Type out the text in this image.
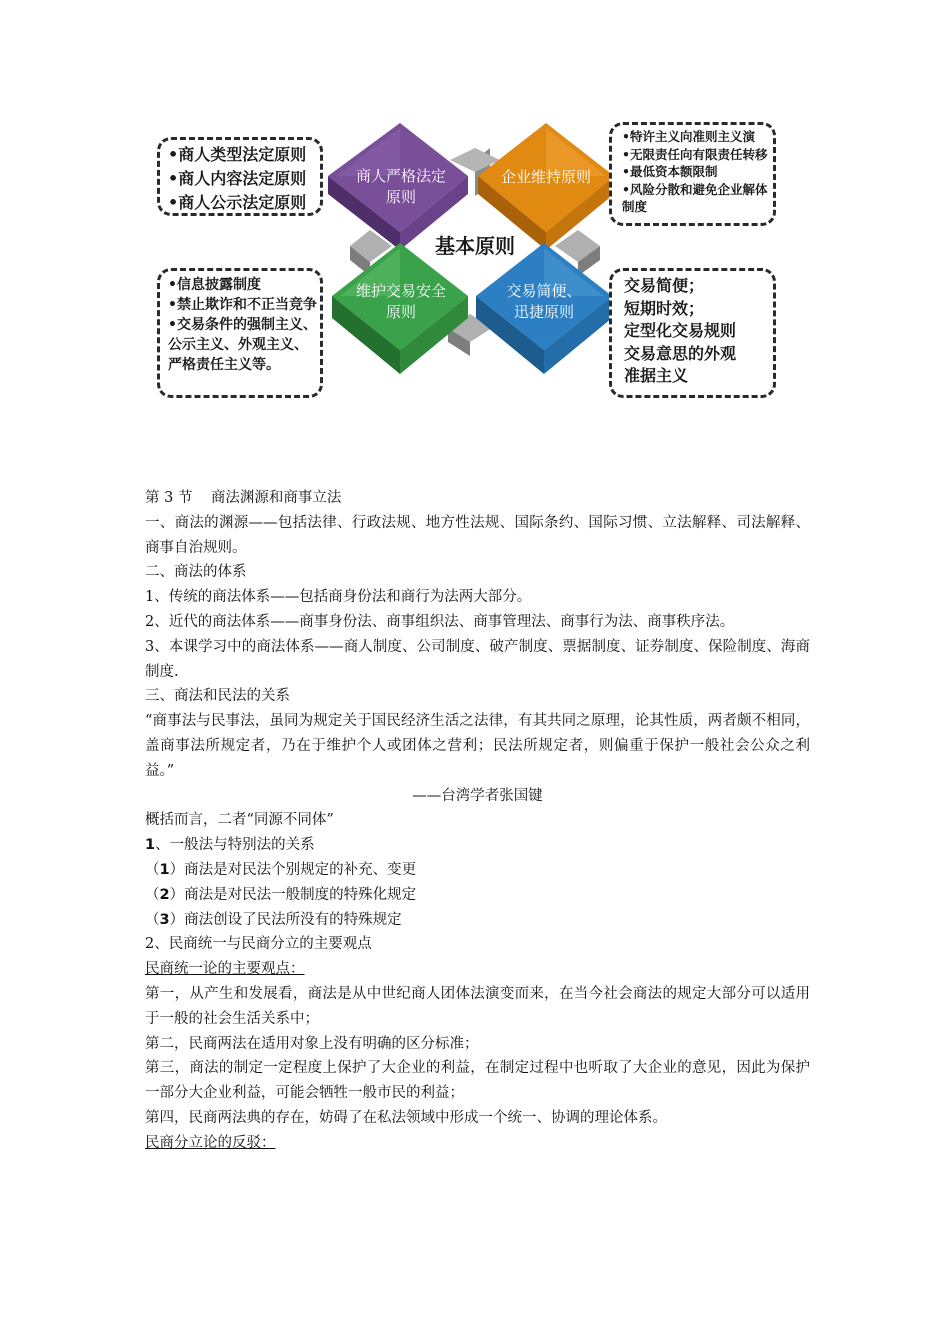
基本原则
商人严格法定
原则
企业维持原则
维护交易安全
原则
交易简便、
迅捷原则
•商人类型法定原则
•商人内容法定原则
•商人公示法定原则
•特许主义向准则主义演
•无限责任向有限责任转移
•最低资本额限制
•风险分散和避免企业解体
制度
•信息披露制度
•禁止欺诈和不正当竞争
•交易条件的强制主义、
公示主义、外观主义、
严格责任主义等。
交易简便；
短期时效；
定型化交易规则
交易意思的外观
准据主义

第 3 节    商法渊源和商事立法

一、商法的渊源——包括法律、行政法规、地方性法规、国际条约、国际习惯、立法解释、司法解释、商事自治规则。

二、商法的体系

1、传统的商法体系——包括商身份法和商行为法两大部分。

2、近代的商法体系——商事身份法、商事组织法、商事管理法、商事行为法、商事秩序法。

3、本课学习中的商法体系——商人制度、公司制度、破产制度、票据制度、证券制度、保险制度、海商制度.

三、商法和民法的关系

“商事法与民事法，虽同为规定关于国民经济生活之法律，有其共同之原理，论其性质，两者颇不相同，盖商事法所规定者，乃在于维护个人或团体之营利；民法所规定者，则偏重于保护一般社会公众之利益。”

——台湾学者张国键

概括而言，二者“同源不同体”

1、一般法与特别法的关系

（1）商法是对民法个别规定的补充、变更

（2）商法是对民法一般制度的特殊化规定

（3）商法创设了民法所没有的特殊规定

2、民商统一与民商分立的主要观点

民商统一论的主要观点：

第一，从产生和发展看，商法是从中世纪商人团体法演变而来，在当今社会商法的规定大部分可以适用于一般的社会生活关系中；

第二，民商两法在适用对象上没有明确的区分标准；

第三，商法的制定一定程度上保护了大企业的利益，在制定过程中也听取了大企业的意见，因此为保护一部分大企业利益，可能会牺牲一般市民的利益；

第四，民商两法典的存在，妨碍了在私法领域中形成一个统一、协调的理论体系。

民商分立论的反驳：
